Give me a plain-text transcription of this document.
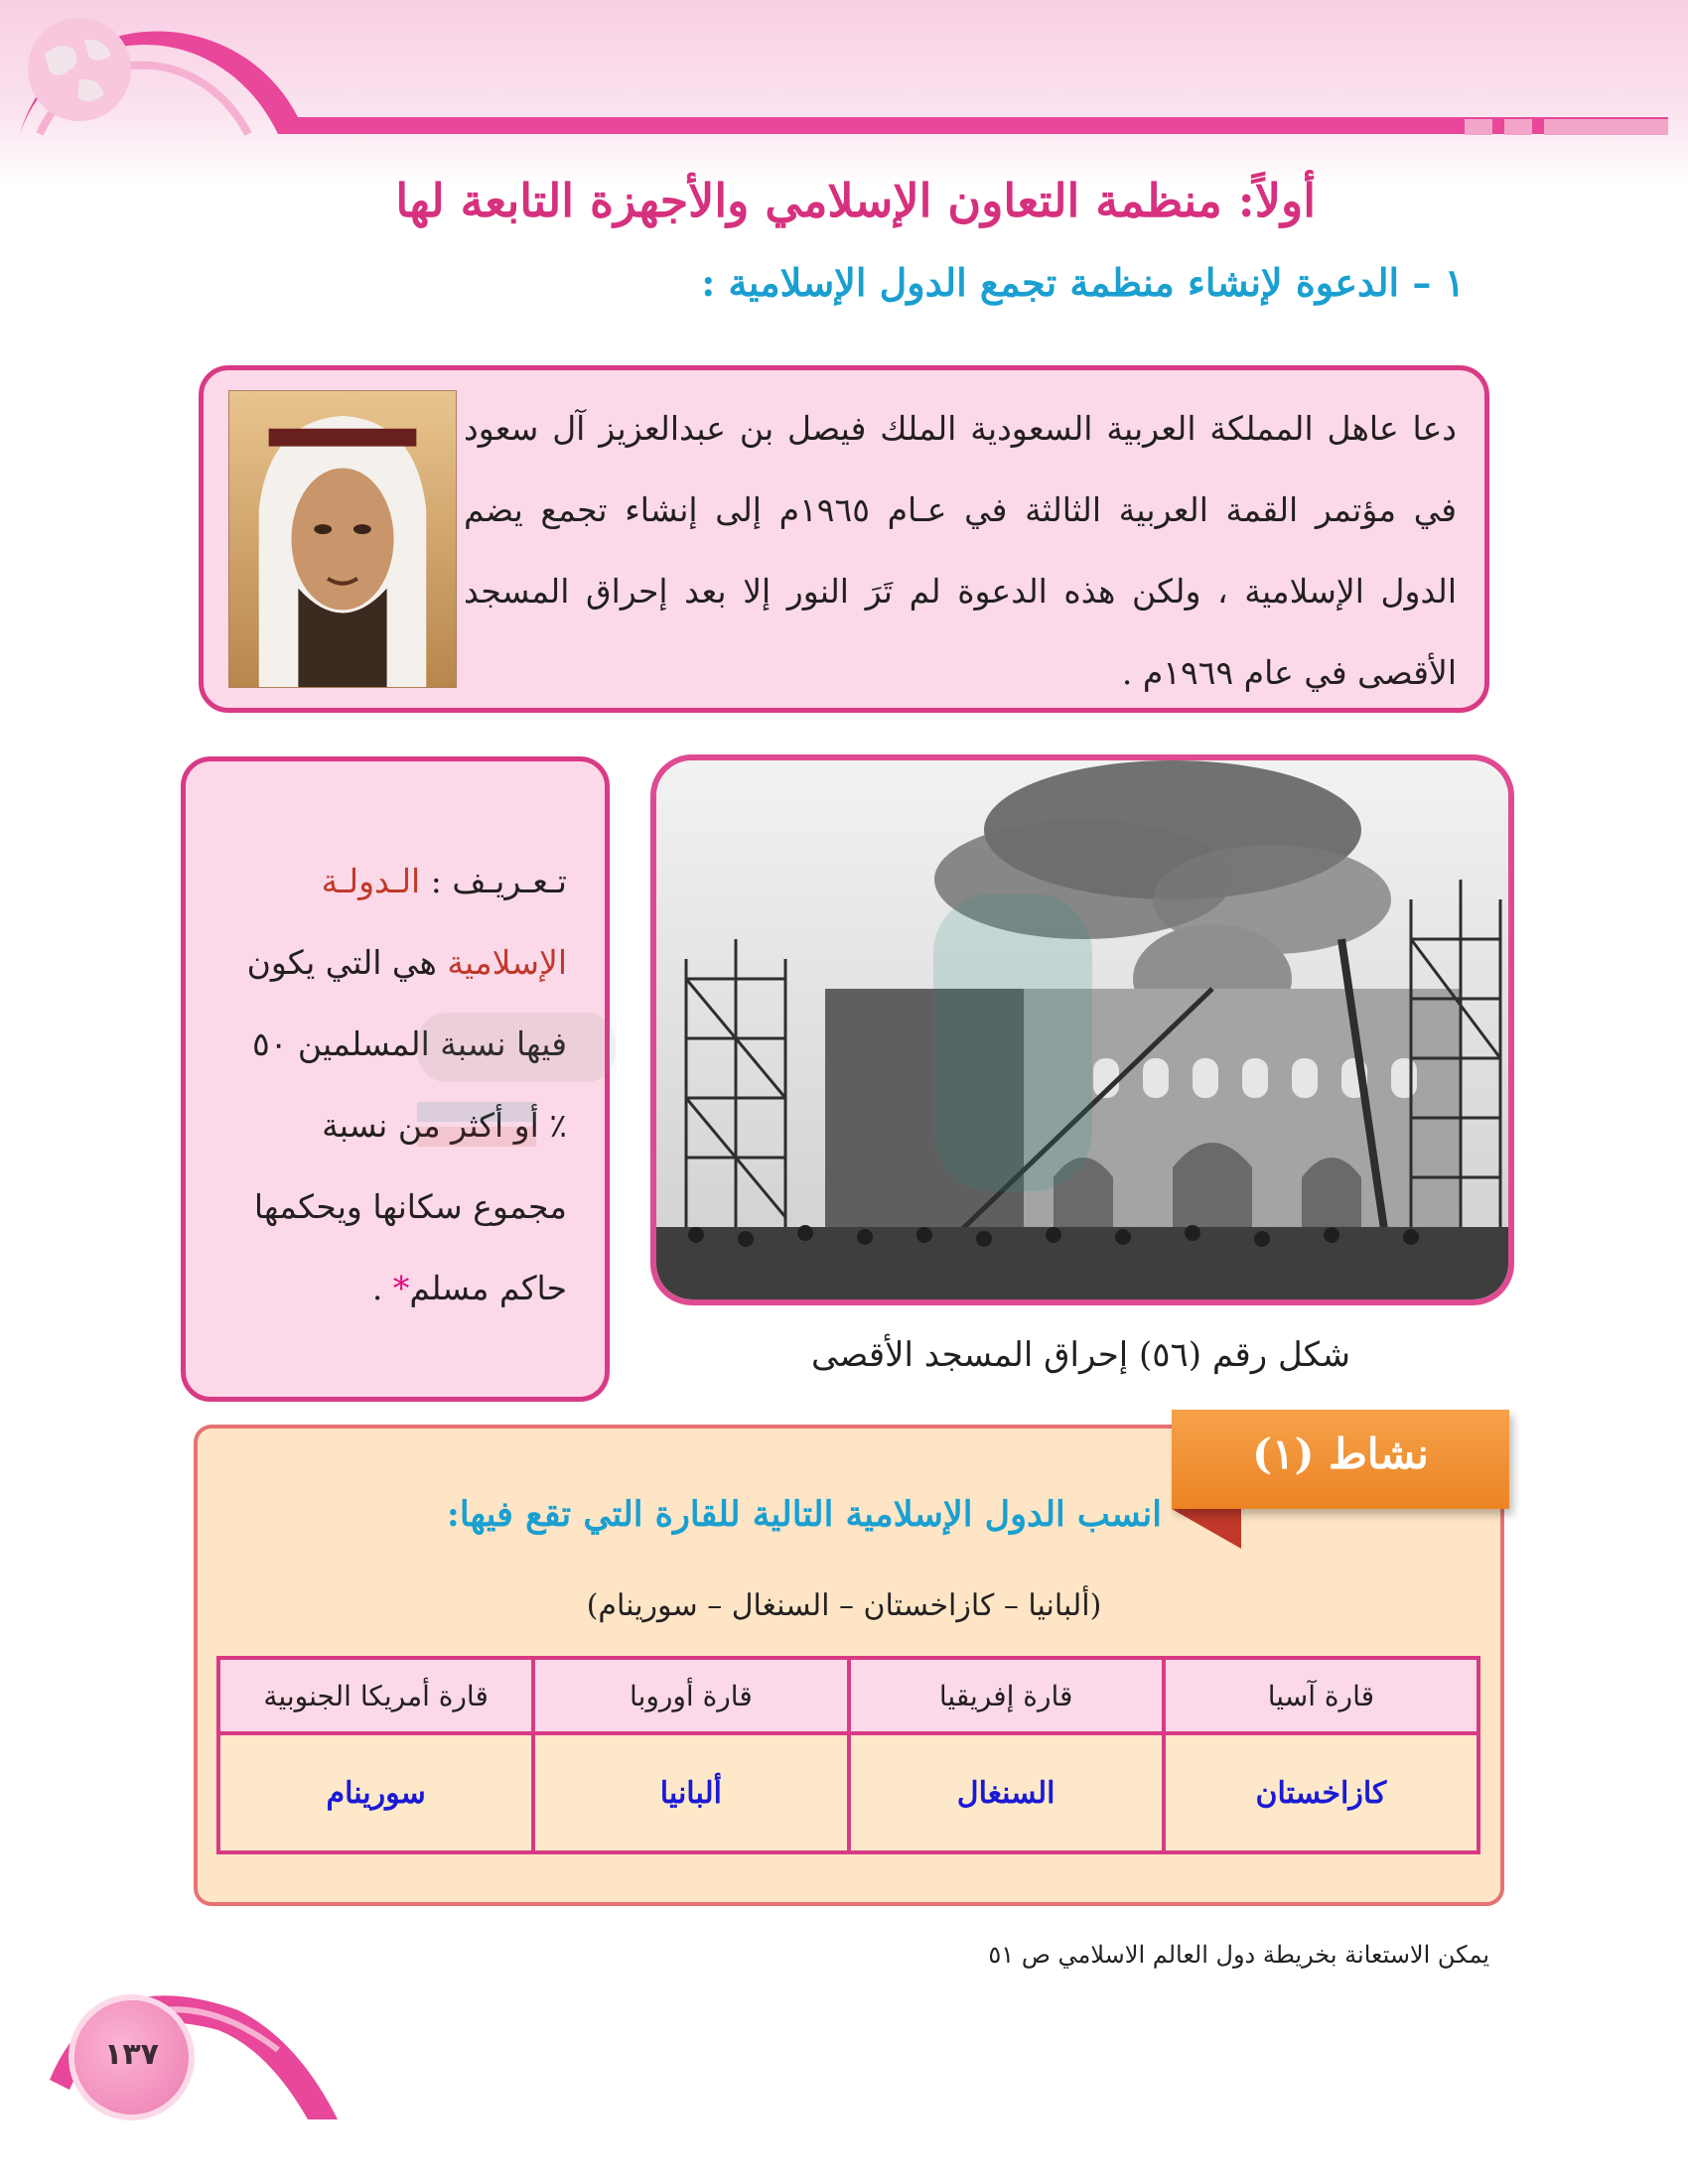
أولاً: منظمة التعاون الإسلامي والأجهزة التابعة لها
١ – الدعوة لإنشاء منظمة تجمع الدول الإسلامية :
دعا عاهل المملكة العربية السعودية الملك فيصل بن عبدالعزيز آل سعود في مؤتمر القمة العربية الثالثة في عـام ١٩٦٥م إلى إنشاء تجمع يضم الدول الإسلامية ، ولكن هذه الدعوة لم تَرَ النور إلا بعد إحراق المسجد الأقصى في عام ١٩٦٩م .
تـعـريـف : الـدولـة الإسلامية هي التي يكون فيها نسبة المسلمين ٥٠ ٪ أو أكثر من نسبة مجموع سكانها ويحكمها حاكم مسلم* .
شكل رقم (٥٦) إحراق المسجد الأقصى
نشاط (١)
انسب الدول الإسلامية التالية للقارة التي تقع فيها:
(ألبانيا – كازاخستان – السنغال – سورينام)
قارة آسيا	قارة إفريقيا	قارة أوروبا	قارة أمريكا الجنوبية
كازاخستان	السنغال	ألبانيا	سورينام
يمكن الاستعانة بخريطة دول العالم الاسلامي ص ٥١
١٣٧
